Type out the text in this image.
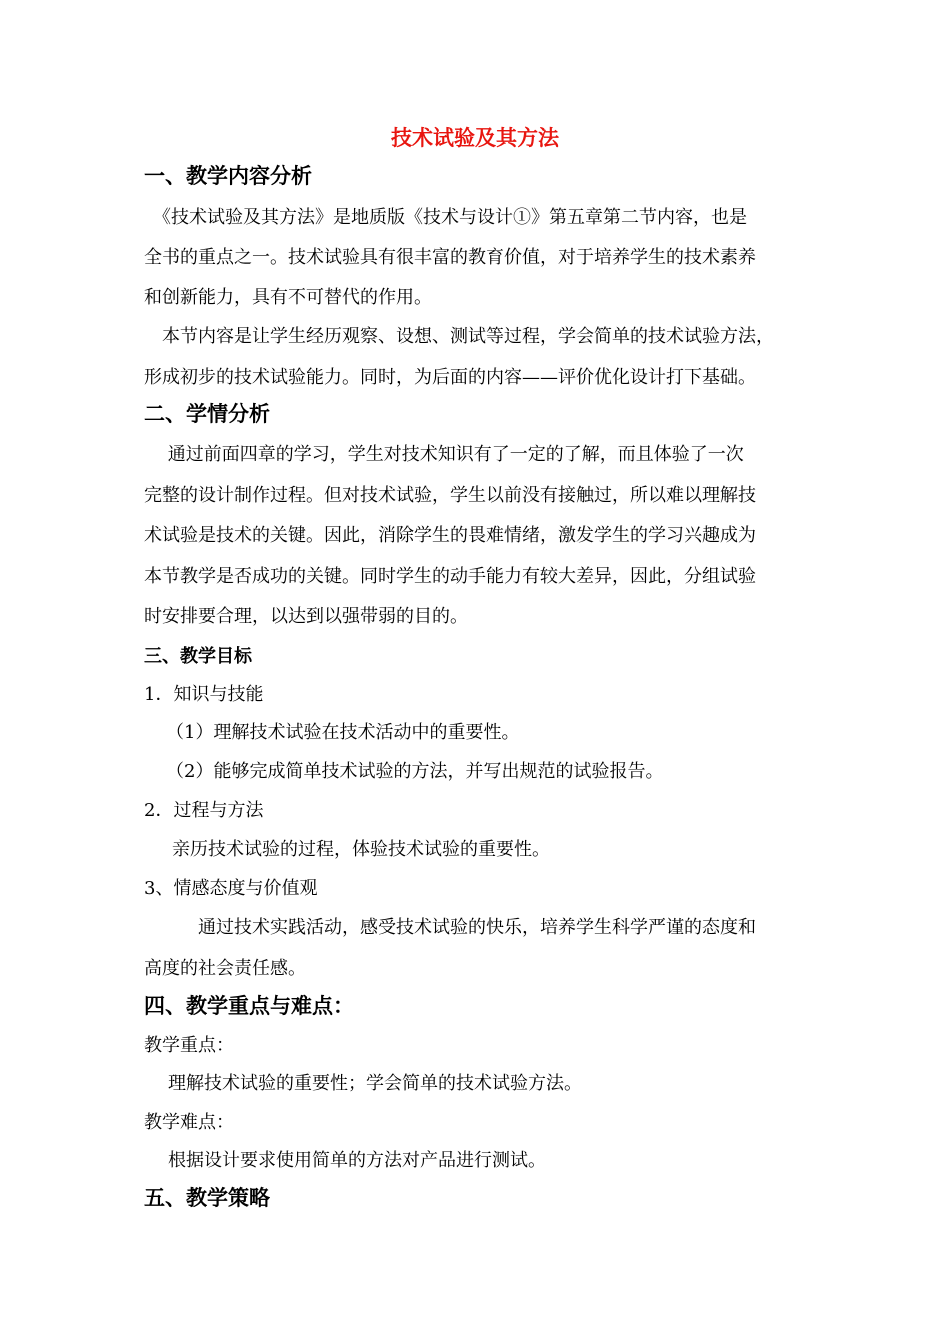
技术试验及其方法
一、教学内容分析
　《技术试验及其方法》是地质版《技术与设计①》第五章第二节内容，也是
全书的重点之一。技术试验具有很丰富的教育价值，对于培养学生的技术素养
和创新能力，具有不可替代的作用。
　本节内容是让学生经历观察、设想、测试等过程，学会简单的技术试验方法，
形成初步的技术试验能力。同时，为后面的内容——评价优化设计打下基础。
二、学情分析
　 通过前面四章的学习，学生对技术知识有了一定的了解，而且体验了一次
完整的设计制作过程。但对技术试验，学生以前没有接触过，所以难以理解技
术试验是技术的关键。因此，消除学生的畏难情绪，激发学生的学习兴趣成为
本节教学是否成功的关键。同时学生的动手能力有较大差异，因此，分组试验
时安排要合理，以达到以强带弱的目的。
三、教学目标
1．知识与技能
（1）理解技术试验在技术活动中的重要性。
（2）能够完成简单技术试验的方法，并写出规范的试验报告。
2．过程与方法
亲历技术试验的过程，体验技术试验的重要性。
3、情感态度与价值观
通过技术实践活动，感受技术试验的快乐，培养学生科学严谨的态度和
高度的社会责任感。
四、教学重点与难点：
教学重点：
理解技术试验的重要性；学会简单的技术试验方法。
教学难点：
根据设计要求使用简单的方法对产品进行测试。
五、教学策略
